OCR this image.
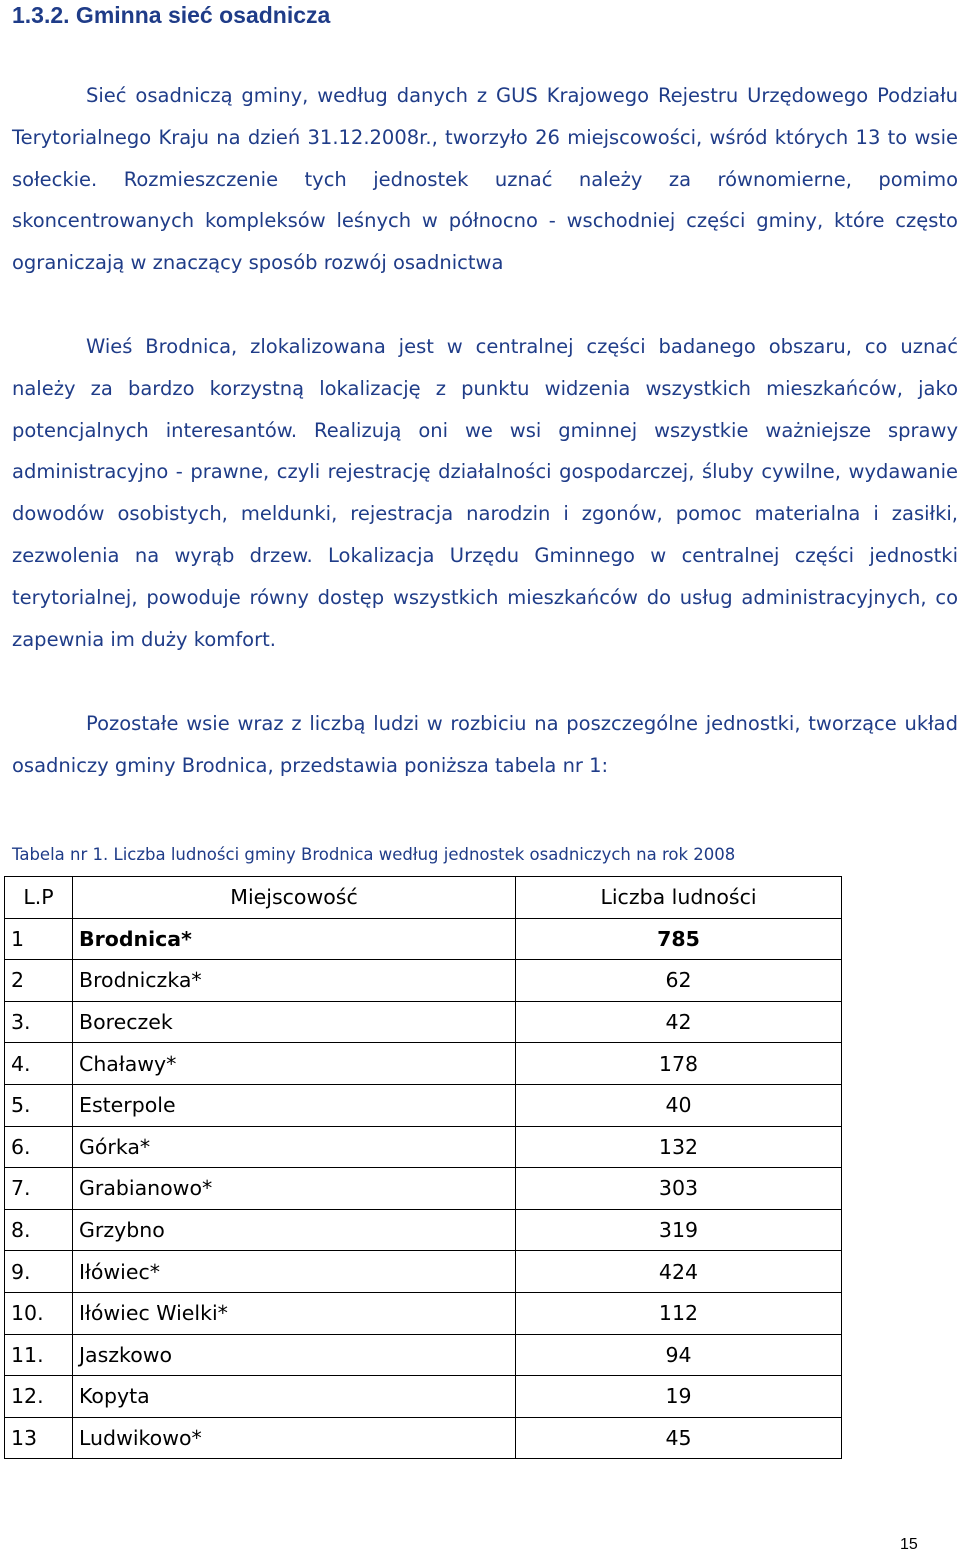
1.3.2. Gminna sieć osadnicza

Sieć osadniczą gminy, według danych z GUS Krajowego Rejestru Urzędowego Podziału Terytorialnego Kraju na dzień 31.12.2008r., tworzyło 26 miejscowości, wśród których 13 to wsie sołeckie. Rozmieszczenie tych jednostek uznać należy za równomierne, pomimo skoncentrowanych kompleksów leśnych w północno - wschodniej części gminy, które często ograniczają w znaczący sposób rozwój osadnictwa

Wieś Brodnica, zlokalizowana jest w centralnej części badanego obszaru, co uznać należy za bardzo korzystną lokalizację z punktu widzenia wszystkich mieszkańców, jako potencjalnych interesantów. Realizują oni we wsi gminnej wszystkie ważniejsze sprawy administracyjno - prawne, czyli rejestrację działalności gospodarczej, śluby cywilne, wydawanie dowodów osobistych, meldunki, rejestracja narodzin i zgonów, pomoc materialna i zasiłki, zezwolenia na wyrąb drzew. Lokalizacja Urzędu Gminnego w centralnej części jednostki terytorialnej, powoduje równy dostęp wszystkich mieszkańców do usług administracyjnych, co zapewnia im duży komfort.

Pozostałe wsie wraz z liczbą ludzi w rozbiciu na poszczególne jednostki, tworzące układ osadniczy gminy Brodnica, przedstawia poniższa tabela nr 1:

Tabela nr 1. Liczba ludności gminy Brodnica według jednostek osadniczych na rok 2008

L.P	Miejscowość	Liczba ludności
1	Brodnica*	785
2	Brodniczka*	62
3.	Boreczek	42
4.	Chaławy*	178
5.	Esterpole	40
6.	Górka*	132
7.	Grabianowo*	303
8.	Grzybno	319
9.	Iłówiec*	424
10.	Iłówiec Wielki*	112
11.	Jaszkowo	94
12.	Kopyta	19
13	Ludwikowo*	45
15
